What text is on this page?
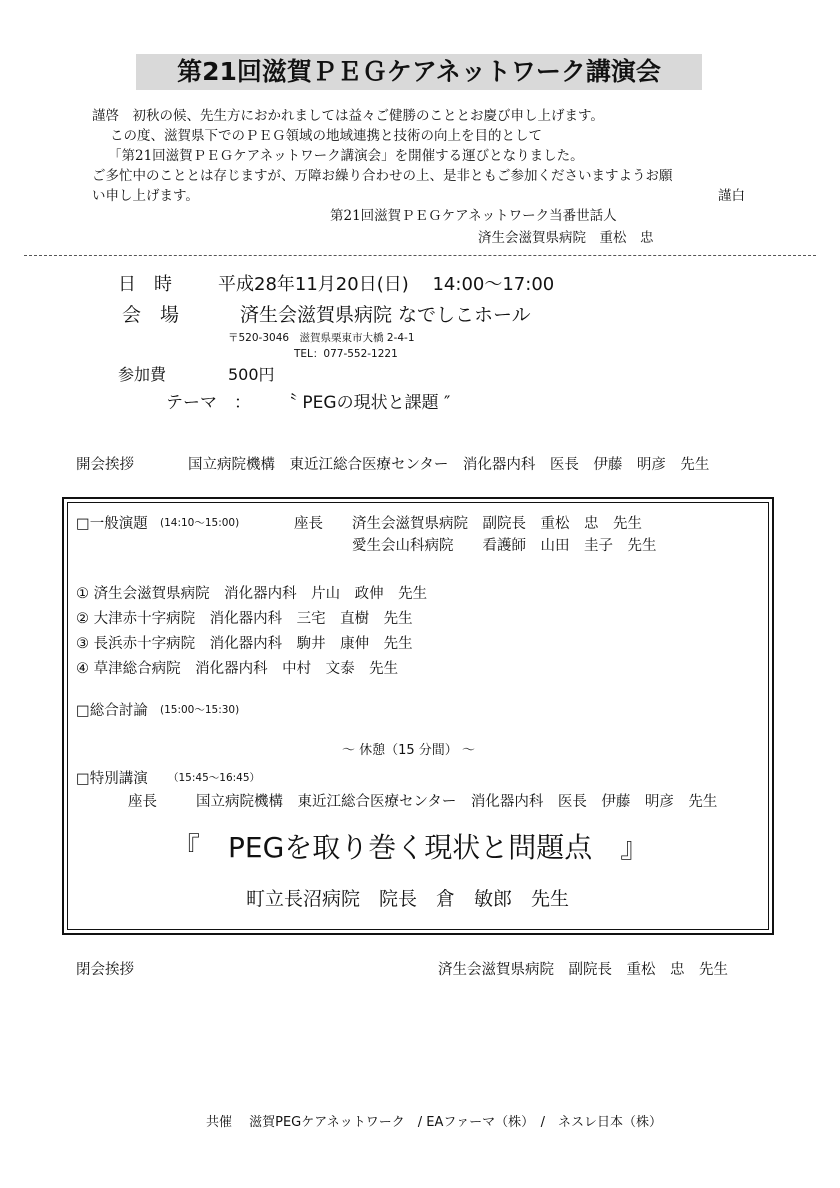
第21回滋賀ＰＥＧケアネットワーク講演会
謹啓　初秋の候、先生方におかれましては益々ご健勝のこととお慶び申し上げます。
この度、滋賀県下でのＰＥＧ領域の地域連携と技術の向上を目的として
「第21回滋賀ＰＥＧケアネットワーク講演会」を開催する運びとなりました。
ご多忙中のこととは存じますが、万障お繰り合わせの上、是非ともご参加くださいますようお願
い申し上げます。	謹白
第21回滋賀ＰＥＧケアネットワーク当番世話人
済生会滋賀県病院　重松　忠
日　時	平成28年11月20日(日)　 14:00〜17:00
会　場	済生会滋賀県病院 なでしこホール
〒520-3046　滋賀県栗東市大橋 2-4-1
TEL：077-552-1221
参加費	500円
テーマ　： 〝 PEGの現状と課題 ″
開会挨拶	国立病院機構　東近江総合医療センター　消化器内科　医長　伊藤　明彦　先生
□一般演題 (14:10〜15:00)	座長 済生会滋賀県病院　副院長　重松　忠　先生
愛生会山科病院　　看護師　山田　圭子　先生
① 済生会滋賀県病院　消化器内科　片山　政伸　先生
② 大津赤十字病院　消化器内科　三宅　直樹　先生
③ 長浜赤十字病院　消化器内科　駒井　康伸　先生
④ 草津総合病院　消化器内科　中村　文泰　先生
□総合討論 (15:00〜15:30)
〜 休憩（15 分間） 〜
□特別講演 （15:45〜16:45）
座長	国立病院機構　東近江総合医療センター　消化器内科　医長　伊藤　明彦　先生
『　PEGを取り巻く現状と問題点　』
町立長沼病院　院長　倉　敏郎　先生
閉会挨拶	済生会滋賀県病院　副院長　重松　忠　先生
共催　 滋賀PEGケアネットワーク　/ EAファーマ（株）　/　ネスレ日本（株）
